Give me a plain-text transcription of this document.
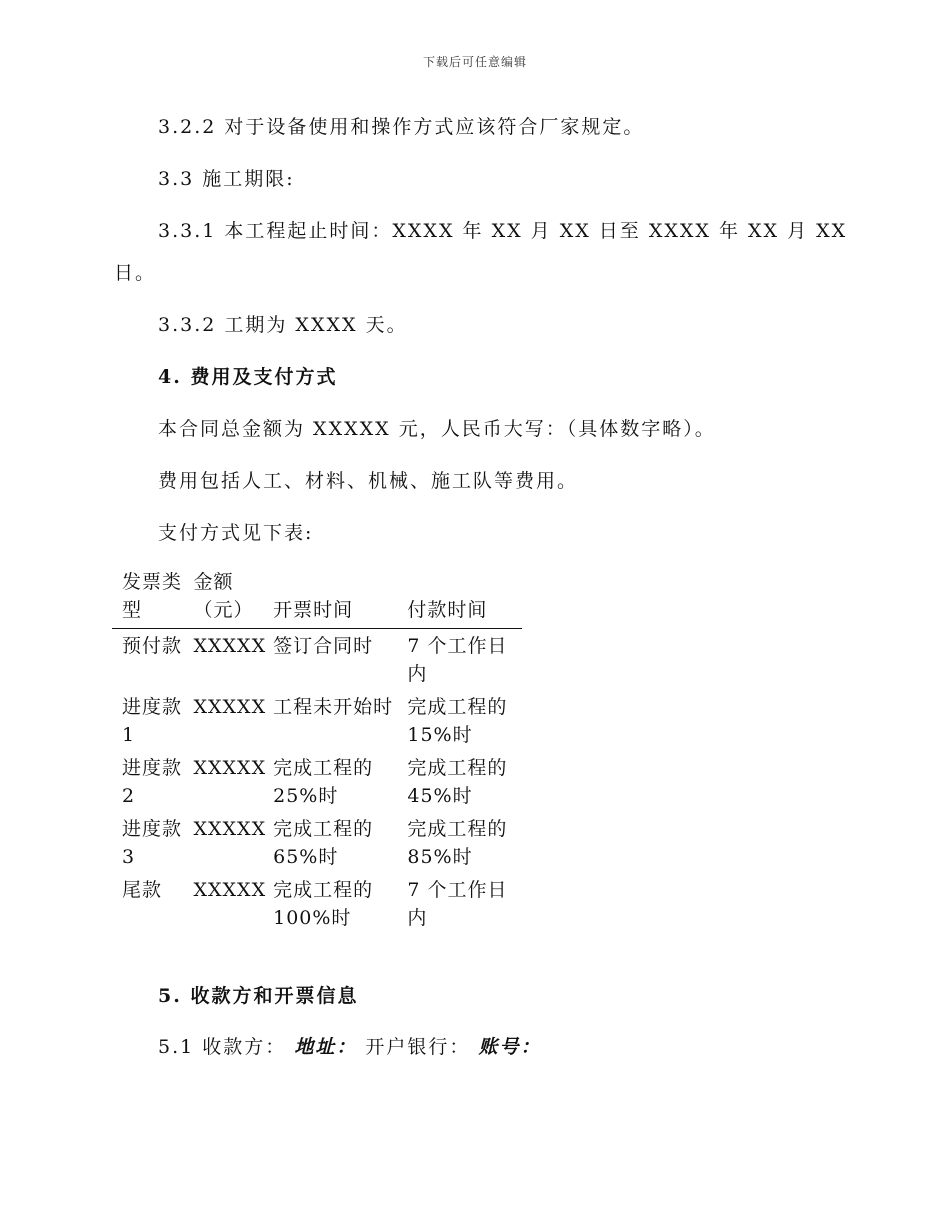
下载后可任意编辑
3.2.2 对于设备使用和操作方式应该符合厂家规定。
3.3 施工期限:
3.3.1 本工程起止时间：XXXX 年 XX 月 XX 日至 XXXX 年 XX 月 XX
日。
3.3.2 工期为 XXXX 天。
4. 费用及支付方式
本合同总金额为 XXXXX 元，人民币大写：（具体数字略）。
费用包括人工、材料、机械、施工队等费用。
支付方式见下表:
发票类型	金额（元）	开票时间	付款时间
预付款	XXXXX	签订合同时	7 个工作日内
进度款 1	XXXXX	工程未开始时	完成工程的15%时
进度款 2	XXXXX	完成工程的25%时	完成工程的45%时
进度款 3	XXXXX	完成工程的65%时	完成工程的85%时
尾款	XXXXX	完成工程的100%时	7 个工作日内
5. 收款方和开票信息
5.1 收款方： 地址： 开户银行： 账号：
